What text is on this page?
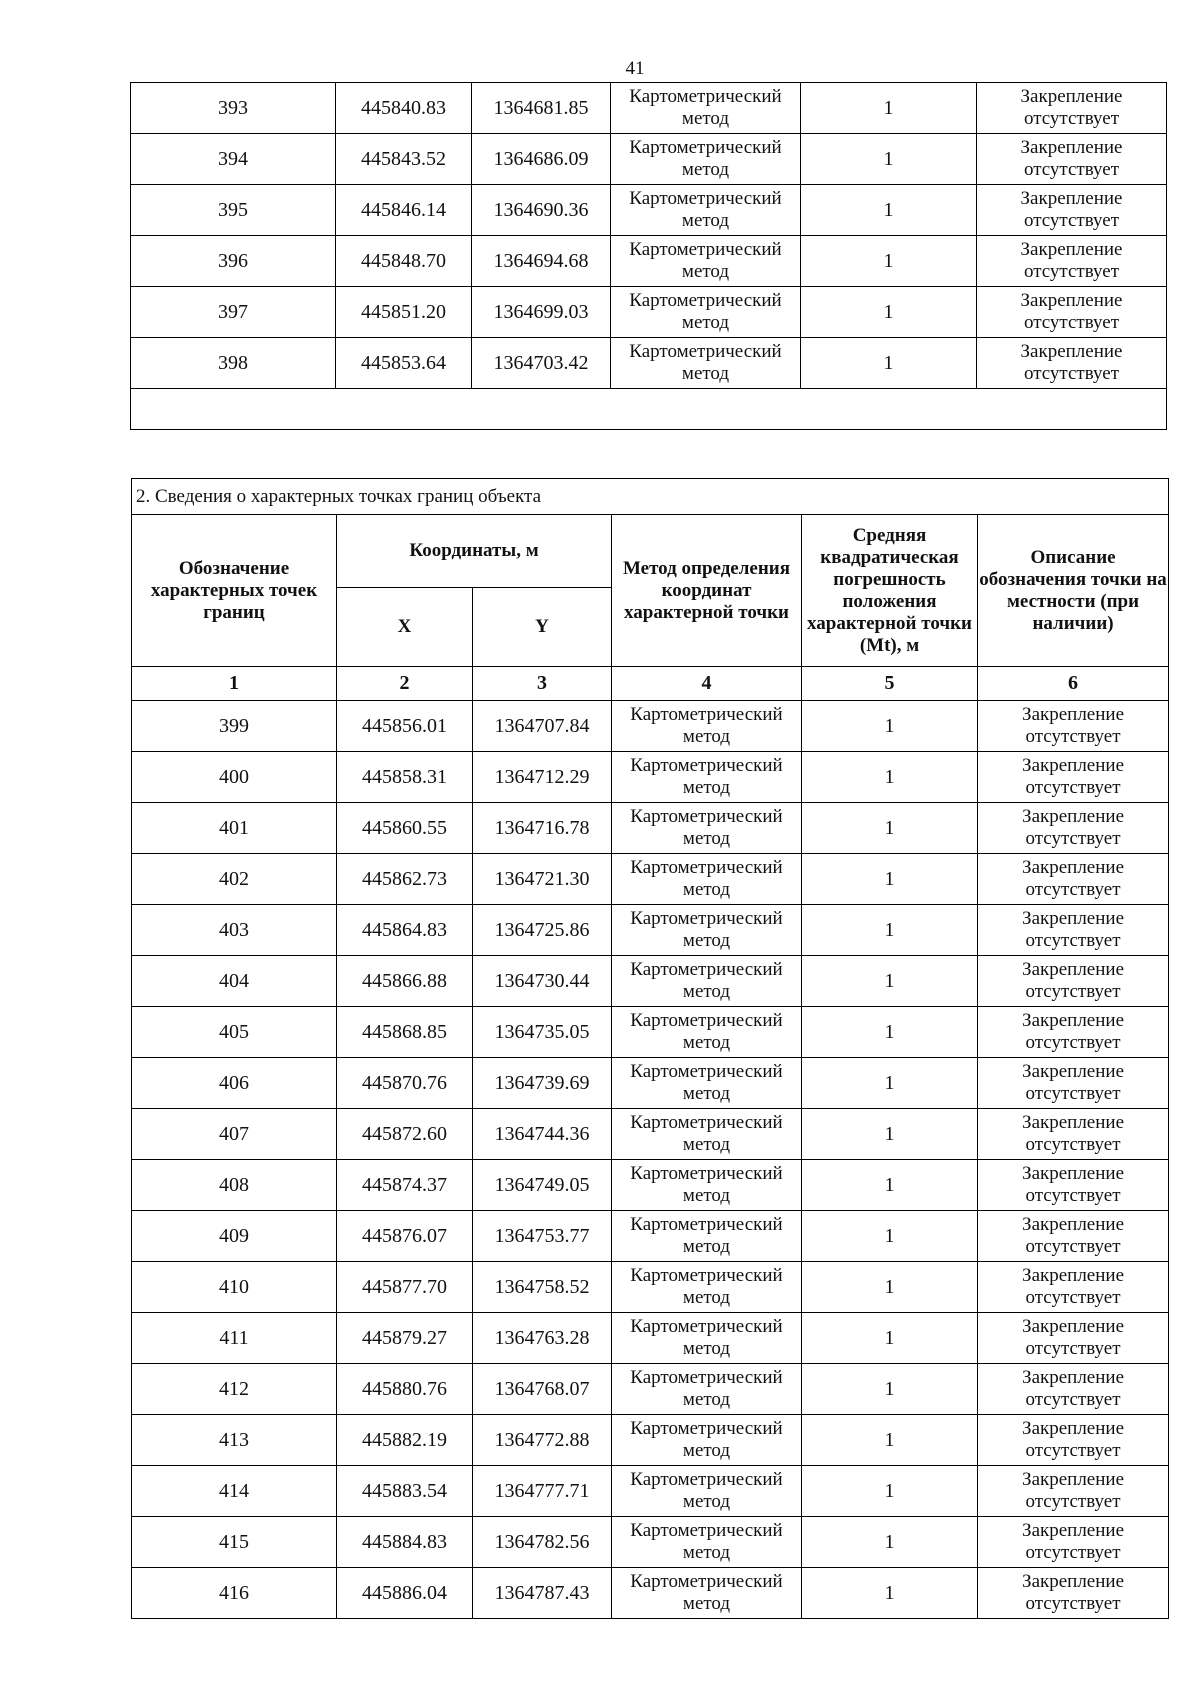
41
393	445840.83	1364681.85	Картометрический метод	1	Закрепление отсутствует
394	445843.52	1364686.09	Картометрический метод	1	Закрепление отсутствует
395	445846.14	1364690.36	Картометрический метод	1	Закрепление отсутствует
396	445848.70	1364694.68	Картометрический метод	1	Закрепление отсутствует
397	445851.20	1364699.03	Картометрический метод	1	Закрепление отсутствует
398	445853.64	1364703.42	Картометрический метод	1	Закрепление отсутствует

2. Сведения о характерных точках границ объекта					
Обозначение характерных точек границ	Координаты, м		Метод определения координат характерной точки	Средняя квадратическая погрешность положения характерной точки (Mt), м	Описание обозначения точки на местности (при наличии)
	X	Y			
1	2	3	4	5	6
399	445856.01	1364707.84	Картометрический метод	1	Закрепление отсутствует
400	445858.31	1364712.29	Картометрический метод	1	Закрепление отсутствует
401	445860.55	1364716.78	Картометрический метод	1	Закрепление отсутствует
402	445862.73	1364721.30	Картометрический метод	1	Закрепление отсутствует
403	445864.83	1364725.86	Картометрический метод	1	Закрепление отсутствует
404	445866.88	1364730.44	Картометрический метод	1	Закрепление отсутствует
405	445868.85	1364735.05	Картометрический метод	1	Закрепление отсутствует
406	445870.76	1364739.69	Картометрический метод	1	Закрепление отсутствует
407	445872.60	1364744.36	Картометрический метод	1	Закрепление отсутствует
408	445874.37	1364749.05	Картометрический метод	1	Закрепление отсутствует
409	445876.07	1364753.77	Картометрический метод	1	Закрепление отсутствует
410	445877.70	1364758.52	Картометрический метод	1	Закрепление отсутствует
411	445879.27	1364763.28	Картометрический метод	1	Закрепление отсутствует
412	445880.76	1364768.07	Картометрический метод	1	Закрепление отсутствует
413	445882.19	1364772.88	Картометрический метод	1	Закрепление отсутствует
414	445883.54	1364777.71	Картометрический метод	1	Закрепление отсутствует
415	445884.83	1364782.56	Картометрический метод	1	Закрепление отсутствует
416	445886.04	1364787.43	Картометрический метод	1	Закрепление отсутствует
